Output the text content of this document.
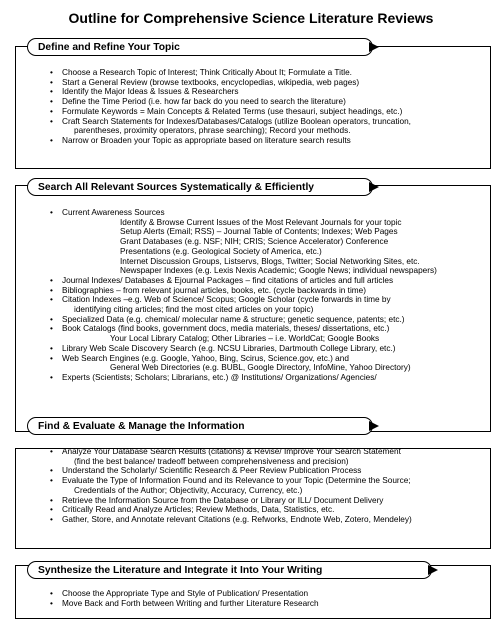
Outline for Comprehensive Science Literature Reviews
Define and Refine Your Topic
• Choose a Research Topic of Interest; Think Critically About It; Formulate a Title.
• Start a General Review (browse textbooks, encyclopedias, wikipedia, web pages)
• Identify the Major Ideas & Issues & Researchers
• Define the Time Period (i.e. how far back do you need to search the literature)
• Formulate Keywords = Main Concepts & Related Terms (use thesauri, subject headings, etc.)
• Craft Search Statements for Indexes/Databases/Catalogs (utilize Boolean operators, truncation,
parentheses, proximity operators, phrase searching); Record your methods.
• Narrow or Broaden your Topic as appropriate based on literature search results
Search All Relevant Sources Systematically & Efficiently
• Current Awareness Sources
Identify & Browse Current Issues of the Most Relevant Journals for your topic
Setup Alerts (Email; RSS) – Journal Table of Contents; Indexes; Web Pages
Grant Databases (e.g. NSF; NIH; CRIS; Science Accelerator) Conference
Presentations (e.g. Geological Society of America, etc.)
Internet Discussion Groups, Listservs, Blogs, Twitter; Social Networking Sites, etc.
Newspaper Indexes (e.g. Lexis Nexis Academic; Google News; individual newspapers)
• Journal Indexes/ Databases & Ejournal Packages – find citations of articles and full articles
• Bibliographies – from relevant journal articles, books, etc. (cycle backwards in time)
• Citation Indexes –e.g. Web of Science/ Scopus; Google Scholar (cycle forwards in time by
identifying citing articles; find the most cited articles on your topic)
• Specialized Data (e.g. chemical/ molecular name & structure; genetic sequence, patents; etc.)
• Book Catalogs (find books, government docs, media materials, theses/ dissertations, etc.)
Your Local Library Catalog; Other Libraries – i.e. WorldCat; Google Books
• Library Web Scale Discovery Search (e.g. NCSU Libraries, Dartmouth College Library, etc.)
• Web Search Engines (e.g. Google, Yahoo, Bing, Scirus, Science.gov, etc.) and
General Web Directories (e.g. BUBL, Google Directory, InfoMine, Yahoo Directory)
• Experts (Scientists; Scholars; Librarians, etc.) @ Institutions/ Organizations/ Agencies/
Find & Evaluate & Manage the Information
• Analyze Your Database Search Results (citations) & Revise/ Improve Your Search Statement
(find the best balance/ tradeoff between comprehensiveness and precision)
• Understand the Scholarly/ Scientific Research & Peer Review Publication Process
• Evaluate the Type of Information Found and its Relevance to your Topic (Determine the Source;
Credentials of the Author; Objectivity, Accuracy, Currency, etc.)
• Retrieve the Information Source from the Database or Library or ILL/ Document Delivery
• Critically Read and Analyze Articles; Review Methods, Data, Statistics, etc.
• Gather, Store, and Annotate relevant Citations (e.g. Refworks, Endnote Web, Zotero, Mendeley)
Synthesize the Literature and Integrate it Into Your Writing
• Choose the Appropriate Type and Style of Publication/ Presentation
• Move Back and Forth between Writing and further Literature Research
